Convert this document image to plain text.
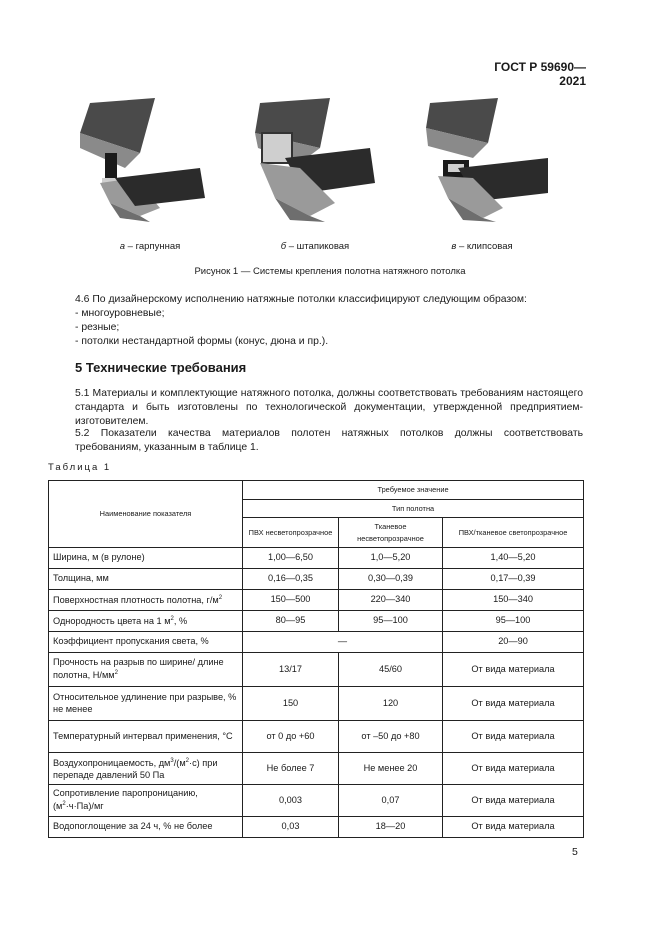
ГОСТ Р 59690—2021
а – гарпунная	б – штапиковая	в – клипсовая
Рисунок 1 — Системы крепления полотна натяжного потолка
4.6 По дизайнерскому исполнению натяжные потолки классифицируют следующим образом:
- многоуровневые;
- резные;
- потолки нестандартной формы (конус, дюна и пр.).
5 Технические требования
5.1 Материалы и комплектующие натяжного потолка, должны соответствовать требованиям настоящего стандарта и быть изготовлены по технологической документации, утвержденной предприятием-изготовителем.
5.2 Показатели качества материалов полотен натяжных потолков должны соответствовать требованиям, указанным в таблице 1.
Таблица 1
Наименование показателя	Требуемое значение		
	Тип полотна		
	ПВХ несветопрозрачное	Тканевое несветопрозрачное	ПВХ/тканевое светопрозрачное
Ширина, м (в рулоне)	1,00—6,50	1,0—5,20	1,40—5,20
Толщина, мм	0,16—0,35	0,30—0,39	0,17—0,39
Поверхностная плотность полотна, $г/м^2$	150—500	220—340	150—340
Однородность цвета на 1 $м^2$, %	80—95	95—100	95—100
Коэффициент пропускания света, %	—		20—90
Прочность на разрыв по ширине/ длине полотна, $Н/мм^2$	13/17	45/60	От вида материала
Относительное удлинение при разрыве, % не менее	150	120	От вида материала
Температурный интервал применения, °С	от 0 до +60	от –50 до +80	От вида материала
Воздухопроницаемость, $дм^3/(м^2\cdot с)$ при перепаде давлений 50 Па	Не более 7	Не менее 20	От вида материала
Сопротивление паропроницанию, $(м^2\cdot ч\cdot Па)/мг$	0,003	0,07	От вида материала
Водопоглощение за 24 ч, % не более	0,03	18—20	От вида материала
5
